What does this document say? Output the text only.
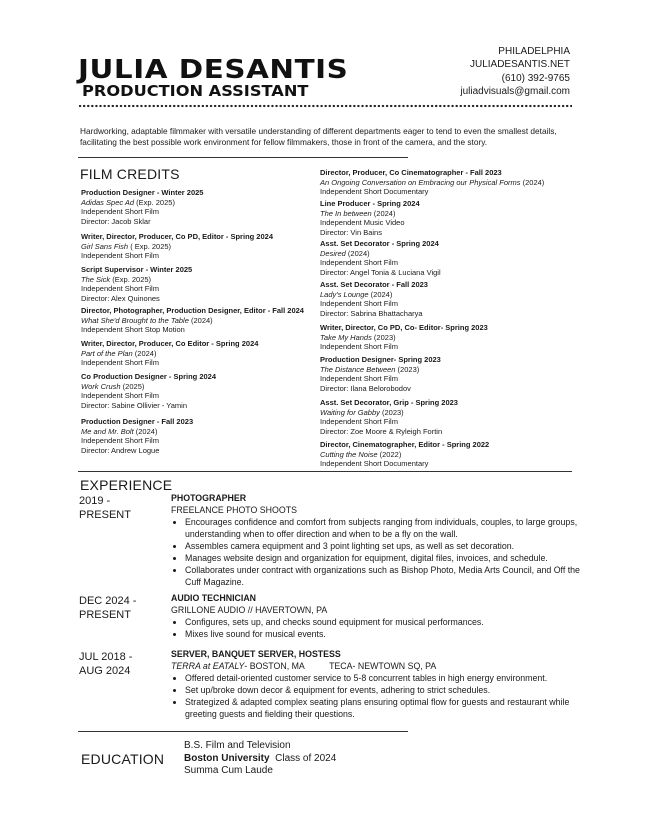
JULIA DESANTIS
PRODUCTION ASSISTANT
PHILADELPHIA
JULIADESANTIS.NET
(610) 392-9765
juliadvisuals@gmail.com
Hardworking, adaptable filmmaker with versatile understanding of different departments eager to tend to even the smallest details, facilitating the best possible work environment for fellow filmmakers, those in front of the camera, and the story.
FILM CREDITS
Production Designer - Winter 2025
Adidas Spec Ad (Exp. 2025)
Independent Short Film
Director: Jacob Sklar
Writer, Director, Producer, Co PD, Editor - Spring 2024
Girl Sans Fish ( Exp. 2025)
Independent Short Film
Script Supervisor - Winter 2025
The Sick (Exp. 2025)
Independent Short Film
Director: Alex Quinones
Director, Photographer, Production Designer, Editor - Fall 2024
What She'd Brought to the Table (2024)
Independent Short Stop Motion
Writer, Director, Producer, Co Editor - Spring 2024
Part of the Plan (2024)
Independent Short Film
Co Production Designer - Spring 2024
Work Crush (2025)
Independent Short Film
Director: Sabine Ollivier - Yamin
Production Designer - Fall 2023
Me and Mr. Bolt (2024)
Independent Short Film
Director: Andrew Logue
Director, Producer, Co Cinematographer - Fall 2023
An Ongoing Conversation on Embracing our Physical Forms (2024)
Independent Short Documentary
Line Producer - Spring 2024
The In between (2024)
Independent Music Video
Director: Vin Bains
Asst. Set Decorator - Spring 2024
Desired (2024)
Independent Short Film
Director: Angel Tonia & Luciana Vigil
Asst. Set Decorator - Fall 2023
Lady's Lounge (2024)
Independent Short Film
Director: Sabrina Bhattacharya
Writer, Director, Co PD, Co- Editor- Spring 2023
Take My Hands (2023)
Independent Short Film
Production Designer- Spring 2023
The Distance Between (2023)
Independent Short Film
Director: Ilana Belorobodov
Asst. Set Decorator, Grip - Spring 2023
Waiting for Gabby (2023)
Independent Short Film
Director: Zoe Moore & Ryleigh Fortin
Director, Cinematographer, Editor - Spring 2022
Cutting the Noise (2022)
Independent Short Documentary
EXPERIENCE
2019 -
PRESENT
PHOTOGRAPHER
FREELANCE PHOTO SHOOTS
• Encourages confidence and comfort from subjects ranging from individuals, couples, to large groups, understanding when to offer direction and when to be a fly on the wall.
• Assembles camera equipment and 3 point lighting set ups, as well as set decoration.
• Manages website design and organization for equipment, digital files, invoices, and schedule.
• Collaborates under contract with organizations such as Bishop Photo, Media Arts Council, and Off the Cuff Magazine.
DEC 2024 -
PRESENT
AUDIO TECHNICIAN
GRILLONE AUDIO // HAVERTOWN, PA
• Configures, sets up, and checks sound equipment for musical performances.
• Mixes live sound for musical events.
JUL 2018 -
AUG 2024
SERVER, BANQUET SERVER, HOSTESS
TERRA at EATALY- BOSTON, MA	TECA- NEWTOWN SQ, PA
• Offered detail-oriented customer service to 5-8 concurrent tables in high energy environment.
• Set up/broke down decor & equipment for events, adhering to strict schedules.
• Strategized & adapted complex seating plans ensuring optimal flow for guests and restaurant while greeting guests and fielding their questions.
EDUCATION
B.S. Film and Television
Boston University Class of 2024
Summa Cum Laude
